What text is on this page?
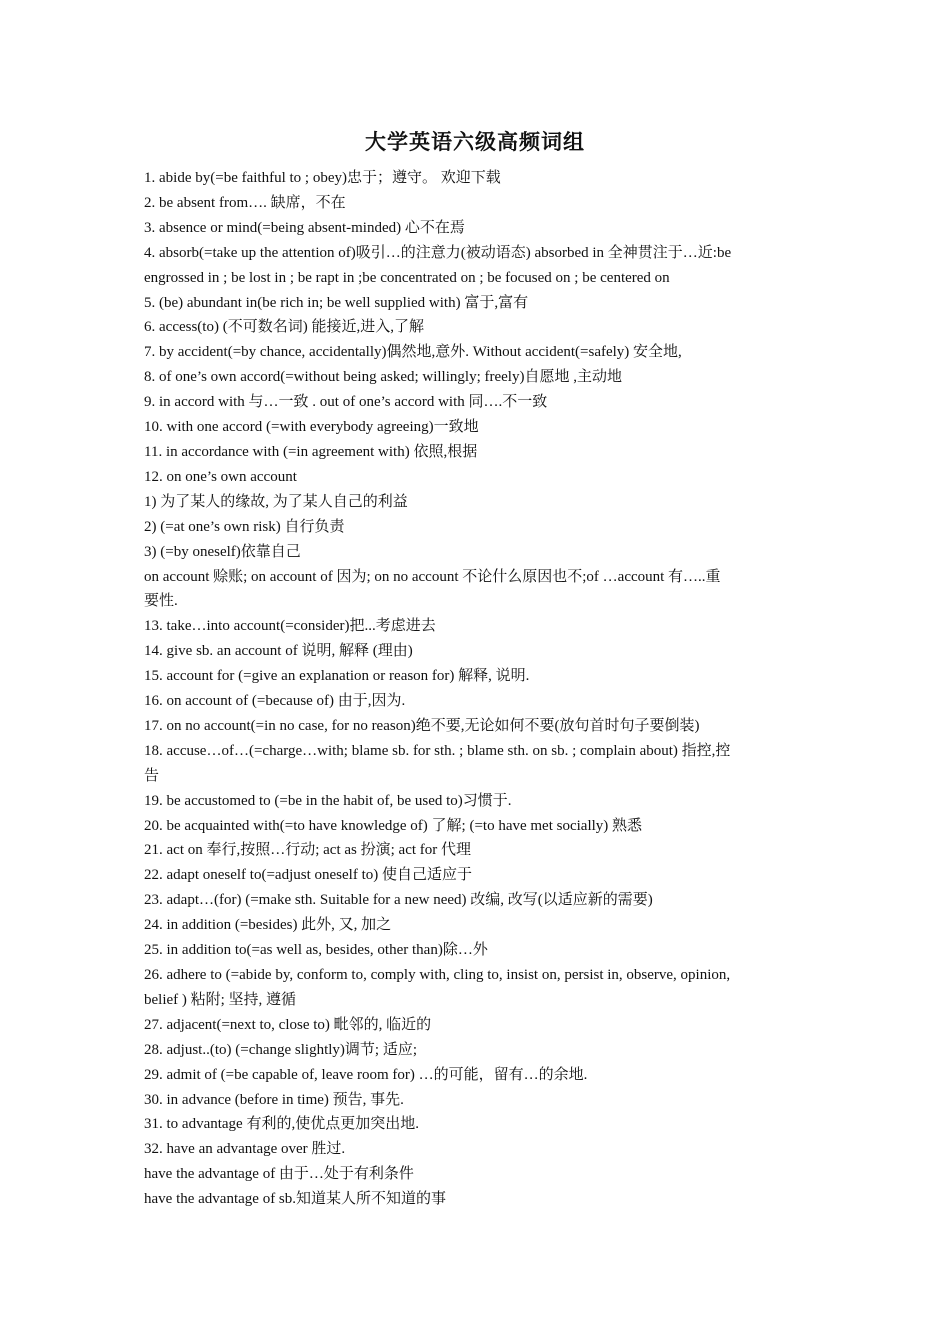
大学英语六级高频词组
1. abide by(=be faithful to ; obey)忠于；遵守。 欢迎下载
2. be absent from…. 缺席，不在
3. absence or mind(=being absent-minded) 心不在焉
4. absorb(=take up the attention of)吸引…的注意力(被动语态) absorbed in 全神贯注于…近:be
engrossed in ; be lost in ; be rapt in ;be concentrated on ; be focused on ; be centered on
5. (be) abundant in(be rich in; be well supplied with) 富于,富有
6. access(to) (不可数名词) 能接近,进入,了解
7. by accident(=by chance, accidentally)偶然地,意外. Without accident(=safely) 安全地,
8. of one’s own accord(=without being asked; willingly; freely)自愿地 ,主动地
9. in accord with 与…一致 . out of one’s accord with 同….不一致
10. with one accord (=with everybody agreeing)一致地
11. in accordance with (=in agreement with) 依照,根据
12. on one’s own account
1) 为了某人的缘故, 为了某人自己的利益
2) (=at one’s own risk) 自行负责
3) (=by oneself)依靠自己
on account 赊账; on account of 因为; on no account 不论什么原因也不;of …account 有…..重
要性.
13. take…into account(=consider)把...考虑进去
14. give sb. an account of 说明, 解释 (理由)
15. account for (=give an explanation or reason for) 解释, 说明.
16. on account of (=because of) 由于,因为.
17. on no account(=in no case, for no reason)绝不要,无论如何不要(放句首时句子要倒装)
18. accuse…of…(=charge…with; blame sb. for sth. ; blame sth. on sb. ; complain about) 指控,控
告
19. be accustomed to (=be in the habit of, be used to)习惯于.
20. be acquainted with(=to have knowledge of) 了解; (=to have met socially) 熟悉
21. act on 奉行,按照…行动; act as 扮演; act for 代理
22. adapt oneself to(=adjust oneself to) 使自己适应于
23. adapt…(for) (=make sth. Suitable for a new need) 改编, 改写(以适应新的需要)
24. in addition (=besides) 此外, 又, 加之
25. in addition to(=as well as, besides, other than)除…外
26. adhere to (=abide by, conform to, comply with, cling to, insist on, persist in, observe, opinion,
belief ) 粘附; 坚持, 遵循
27. adjacent(=next to, close to) 毗邻的, 临近的
28. adjust..(to) (=change slightly)调节; 适应;
29. admit of (=be capable of, leave room for) …的可能，留有…的余地.
30. in advance (before in time) 预告, 事先.
31. to advantage 有利的,使优点更加突出地.
32. have an advantage over 胜过.
have the advantage of 由于…处于有利条件
have the advantage of sb.知道某人所不知道的事
